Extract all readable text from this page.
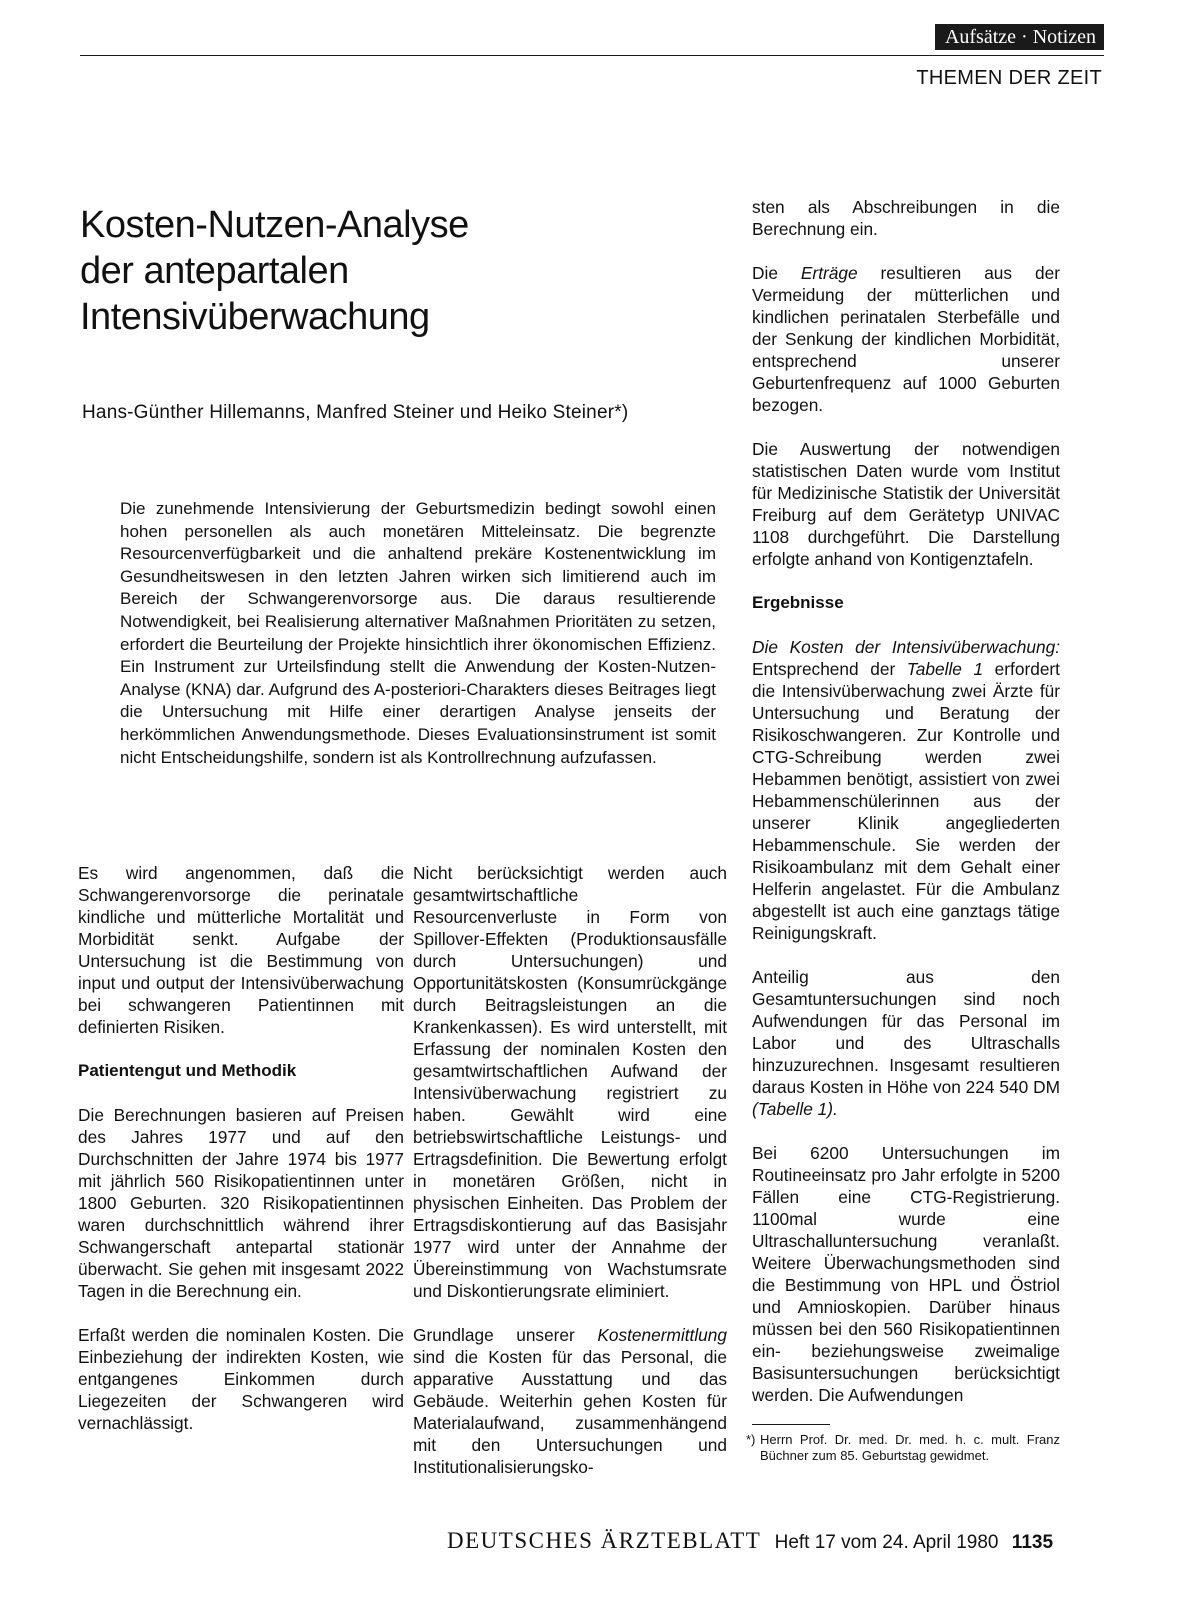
Aufsätze · Notizen
THEMEN DER ZEIT
Kosten-Nutzen-Analyse
der antepartalen
Intensivüberwachung
Hans-Günther Hillemanns, Manfred Steiner und Heiko Steiner*)

Die zunehmende Intensivierung der Geburtsmedizin bedingt sowohl einen hohen personellen als auch monetären Mitteleinsatz. Die begrenzte Resourcenverfügbarkeit und die anhaltend prekäre Kostenentwicklung im Gesundheitswesen in den letzten Jahren wirken sich limitierend auch im Bereich der Schwangerenvorsorge aus. Die daraus resultierende Notwendigkeit, bei Realisierung alternativer Maßnahmen Prioritäten zu setzen, erfordert die Beurteilung der Projekte hinsichtlich ihrer ökonomischen Effizienz. Ein Instrument zur Urteilsfindung stellt die Anwendung der Kosten-Nutzen-Analyse (KNA) dar. Aufgrund des A-posteriori-Charakters dieses Beitrages liegt die Untersuchung mit Hilfe einer derartigen Analyse jenseits der herkömmlichen Anwendungsmethode. Dieses Evaluationsinstrument ist somit nicht Entscheidungshilfe, sondern ist als Kontrollrechnung aufzufassen.

Es wird angenommen, daß die Schwangerenvorsorge die perinatale kindliche und mütterliche Mortalität und Morbidität senkt. Aufgabe der Untersuchung ist die Bestimmung von input und output der Intensivüberwachung bei schwangeren Patientinnen mit definierten Risiken.

Patientengut und Methodik

Die Berechnungen basieren auf Preisen des Jahres 1977 und auf den Durchschnitten der Jahre 1974 bis 1977 mit jährlich 560 Risikopatientinnen unter 1800 Geburten. 320 Risikopatientinnen waren durchschnittlich während ihrer Schwangerschaft antepartal stationär überwacht. Sie gehen mit insgesamt 2022 Tagen in die Berechnung ein.

Erfaßt werden die nominalen Kosten. Die Einbeziehung der indirekten Kosten, wie entgangenes Einkommen durch Liegezeiten der Schwangeren wird vernachlässigt.

Nicht berücksichtigt werden auch gesamtwirtschaftliche Resourcenverluste in Form von Spillover-Effekten (Produktionsausfälle durch Untersuchungen) und Opportunitätskosten (Konsumrückgänge durch Beitragsleistungen an die Krankenkassen). Es wird unterstellt, mit Erfassung der nominalen Kosten den gesamtwirtschaftlichen Aufwand der Intensivüberwachung registriert zu haben. Gewählt wird eine betriebswirtschaftliche Leistungs- und Ertragsdefinition. Die Bewertung erfolgt in monetären Größen, nicht in physischen Einheiten. Das Problem der Ertragsdiskontierung auf das Basisjahr 1977 wird unter der Annahme der Übereinstimmung von Wachstumsrate und Diskontierungsrate eliminiert.

Grundlage unserer Kostenermittlung sind die Kosten für das Personal, die apparative Ausstattung und das Gebäude. Weiterhin gehen Kosten für Materialaufwand, zusammenhängend mit den Untersuchungen und Institutionalisierungsko-

sten als Abschreibungen in die Berechnung ein.

Die Erträge resultieren aus der Vermeidung der mütterlichen und kindlichen perinatalen Sterbefälle und der Senkung der kindlichen Morbidität, entsprechend unserer Geburtenfrequenz auf 1000 Geburten bezogen.

Die Auswertung der notwendigen statistischen Daten wurde vom Institut für Medizinische Statistik der Universität Freiburg auf dem Gerätetyp UNIVAC 1108 durchgeführt. Die Darstellung erfolgte anhand von Kontigenztafeln.

Ergebnisse

Die Kosten der Intensivüberwachung: Entsprechend der Tabelle 1 erfordert die Intensivüberwachung zwei Ärzte für Untersuchung und Beratung der Risikoschwangeren. Zur Kontrolle und CTG-Schreibung werden zwei Hebammen benötigt, assistiert von zwei Hebammenschülerinnen aus der unserer Klinik angegliederten Hebammenschule. Sie werden der Risikoambulanz mit dem Gehalt einer Helferin angelastet. Für die Ambulanz abgestellt ist auch eine ganztags tätige Reinigungskraft.

Anteilig aus den Gesamtuntersuchungen sind noch Aufwendungen für das Personal im Labor und des Ultraschalls hinzuzurechnen. Insgesamt resultieren daraus Kosten in Höhe von 224 540 DM (Tabelle 1).

Bei 6200 Untersuchungen im Routineeinsatz pro Jahr erfolgte in 5200 Fällen eine CTG-Registrierung. 1100mal wurde eine Ultraschalluntersuchung veranlaßt. Weitere Überwachungsmethoden sind die Bestimmung von HPL und Östriol und Amnioskopien. Darüber hinaus müssen bei den 560 Risikopatientinnen ein- beziehungsweise zweimalige Basisuntersuchungen berücksichtigt werden. Die Aufwendungen

*) Herrn Prof. Dr. med. Dr. med. h. c. mult. Franz Büchner zum 85. Geburtstag gewidmet.
DEUTSCHES ÄRZTEBLATT Heft 17 vom 24. April 1980 1135
